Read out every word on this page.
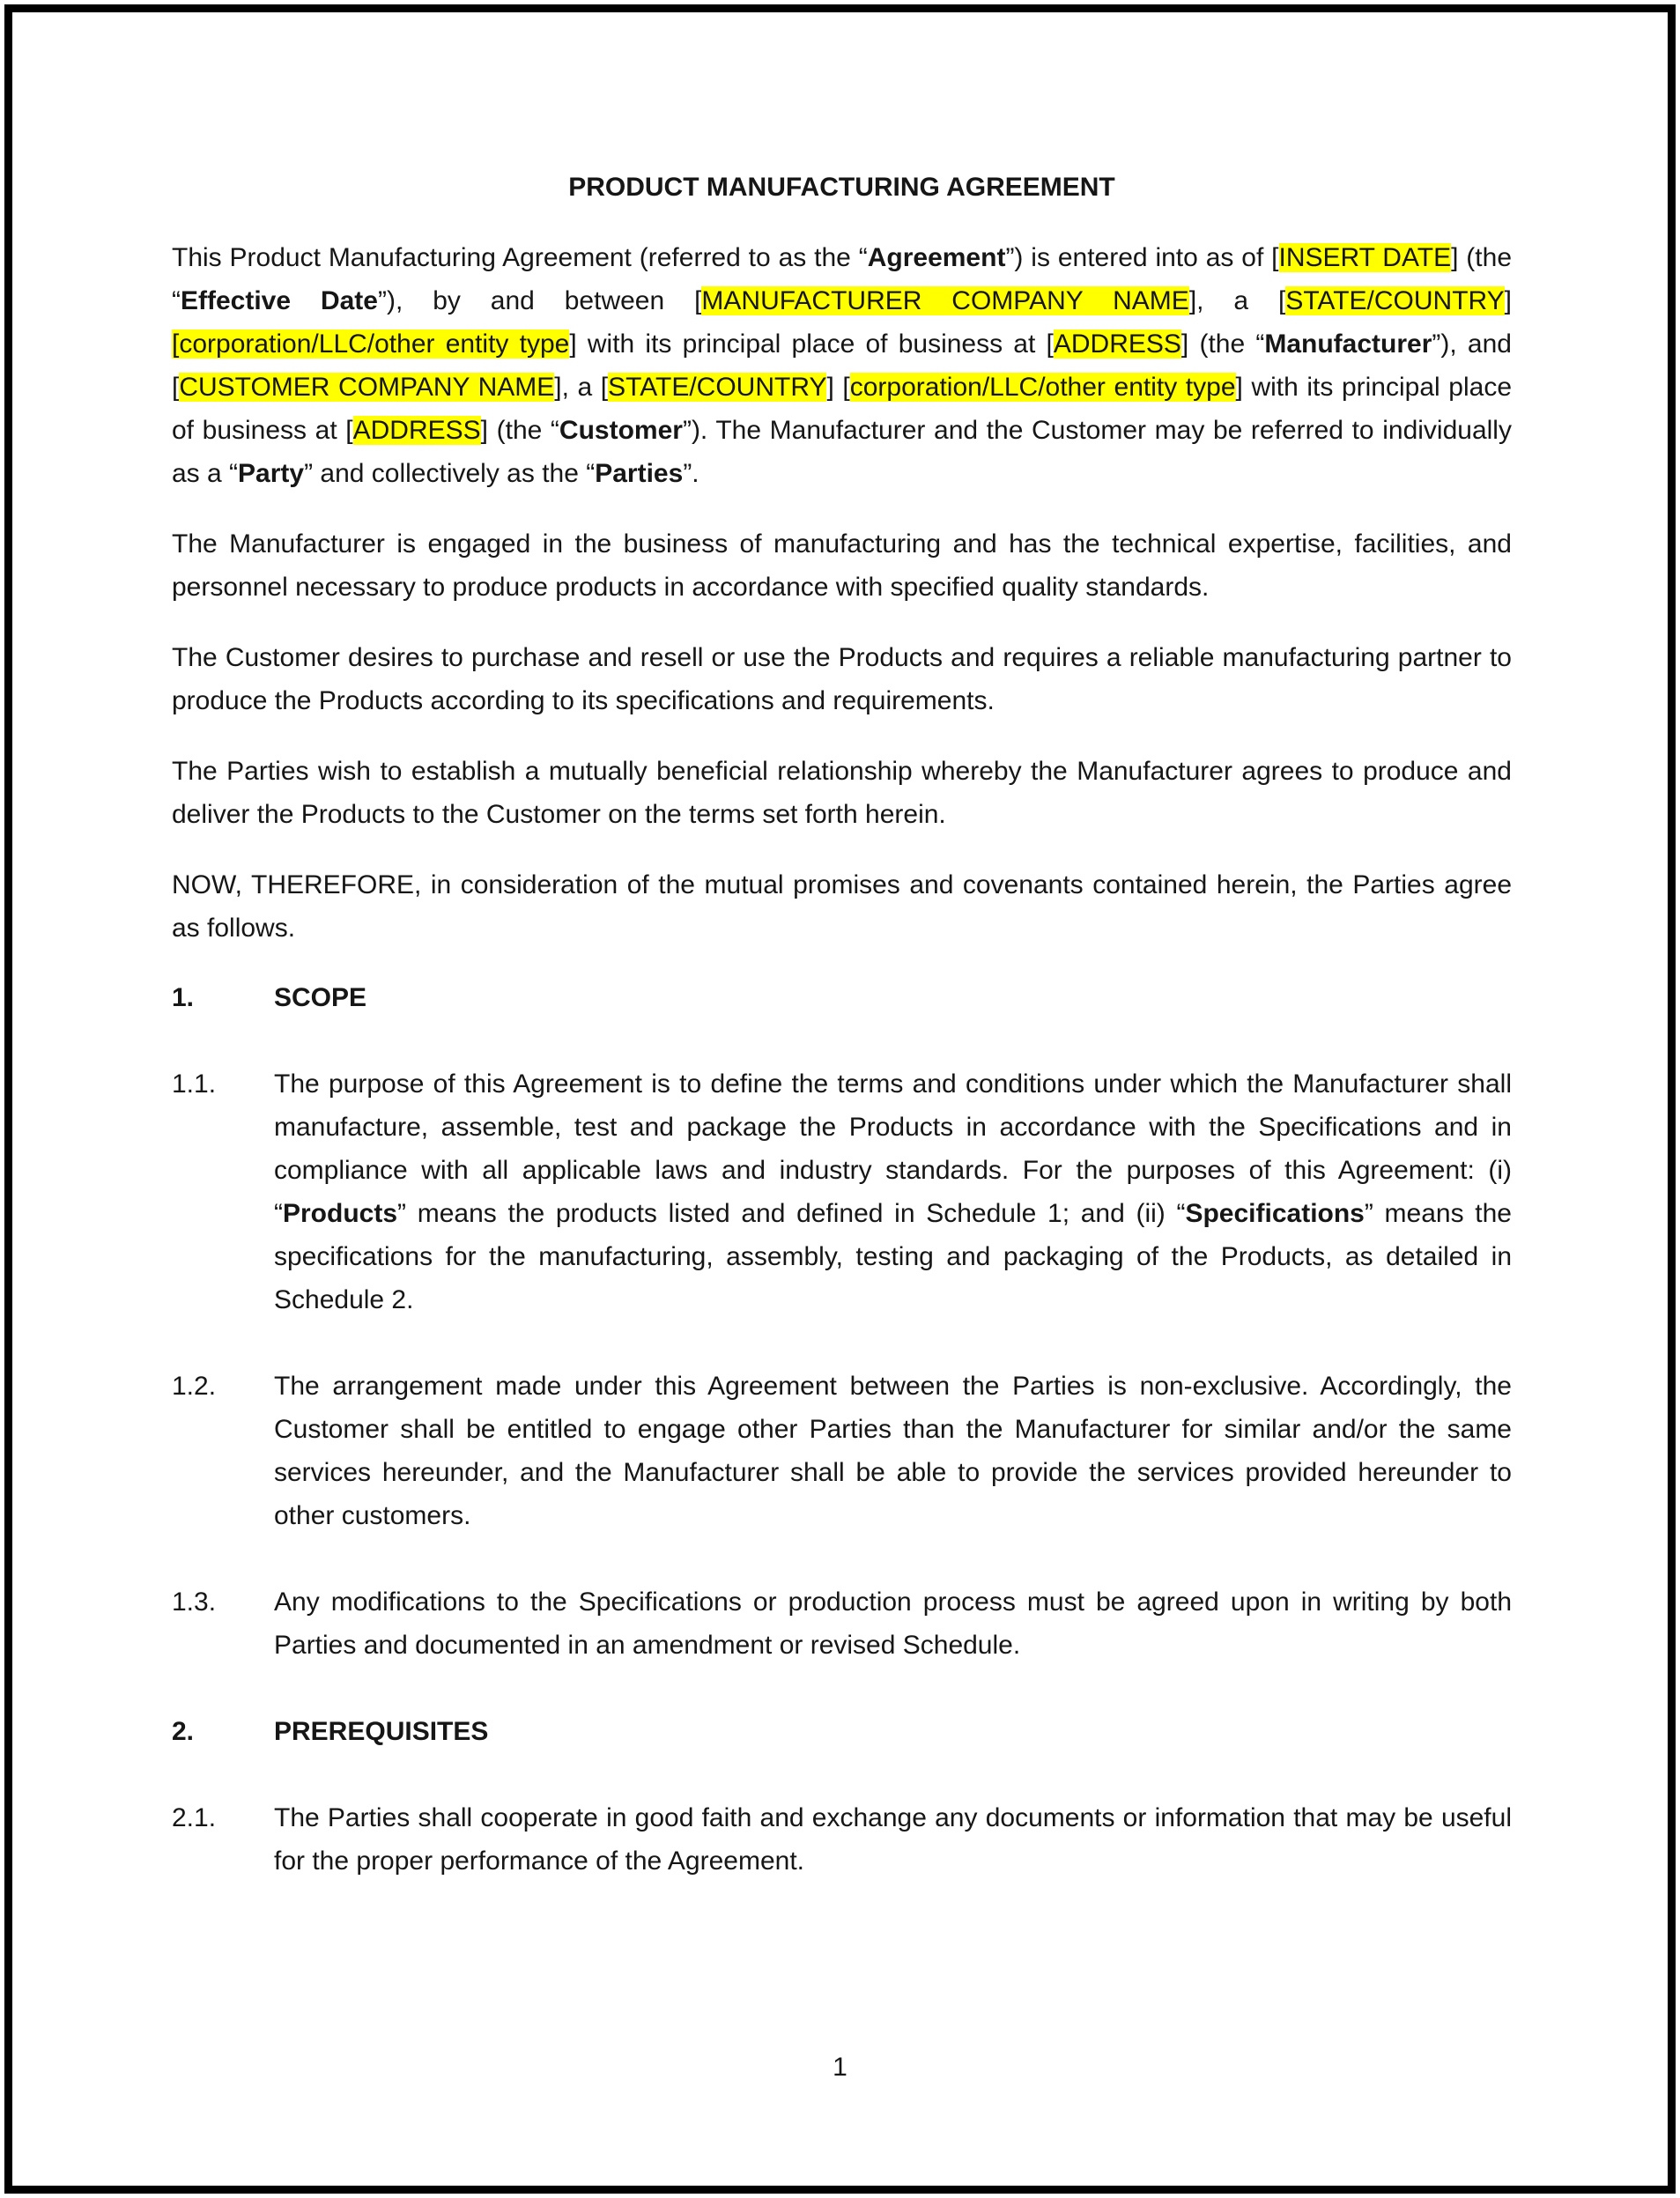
PRODUCT MANUFACTURING AGREEMENT

This Product Manufacturing Agreement (referred to as the “Agreement”) is entered into as of [INSERT DATE] (the “Effective Date”), by and between [MANUFACTURER COMPANY NAME], a [STATE/COUNTRY] [corporation/LLC/other entity type] with its principal place of business at [ADDRESS] (the “Manufacturer”), and [CUSTOMER COMPANY NAME], a [STATE/COUNTRY] [corporation/LLC/other entity type] with its principal place of business at [ADDRESS] (the “Customer”). The Manufacturer and the Customer may be referred to individually as a “Party” and collectively as the “Parties”.

The Manufacturer is engaged in the business of manufacturing and has the technical expertise, facilities, and personnel necessary to produce products in accordance with specified quality standards.

The Customer desires to purchase and resell or use the Products and requires a reliable manufacturing partner to produce the Products according to its specifications and requirements.

The Parties wish to establish a mutually beneficial relationship whereby the Manufacturer agrees to produce and deliver the Products to the Customer on the terms set forth herein.

NOW, THEREFORE, in consideration of the mutual promises and covenants contained herein, the Parties agree as follows.

1.	SCOPE
1.1.	The purpose of this Agreement is to define the terms and conditions under which the Manufacturer shall manufacture, assemble, test and package the Products in accordance with the Specifications and in compliance with all applicable laws and industry standards. For the purposes of this Agreement: (i) “Products” means the products listed and defined in Schedule 1; and (ii) “Specifications” means the specifications for the manufacturing, assembly, testing and packaging of the Products, as detailed in Schedule 2.
1.2.	The arrangement made under this Agreement between the Parties is non-exclusive. Accordingly, the Customer shall be entitled to engage other Parties than the Manufacturer for similar and/or the same services hereunder, and the Manufacturer shall be able to provide the services provided hereunder to other customers.
1.3.	Any modifications to the Specifications or production process must be agreed upon in writing by both Parties and documented in an amendment or revised Schedule.
2.	PREREQUISITES
2.1.	The Parties shall cooperate in good faith and exchange any documents or information that may be useful for the proper performance of the Agreement.
1
